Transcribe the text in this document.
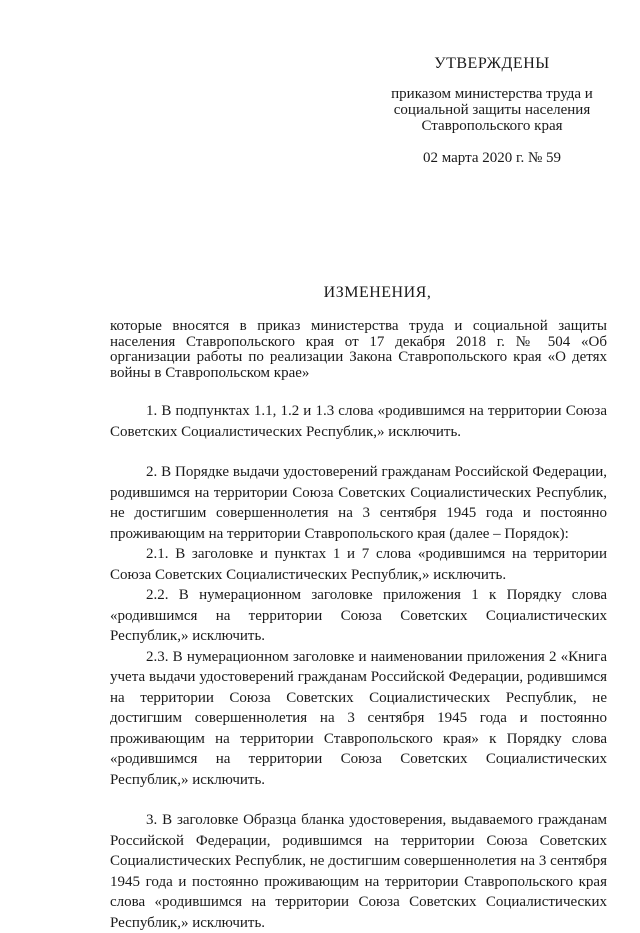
УТВЕРЖДЕНЫ
приказом министерства труда и
социальной защиты населения
Ставропольского края
02 марта 2020 г. № 59
ИЗМЕНЕНИЯ,
которые вносятся в приказ министерства труда и социальной защиты населения Ставропольского края от 17 декабря 2018 г. № 504 «Об организации работы по реализации Закона Ставропольского края «О детях войны в Ставропольском крае»

1. В подпунктах 1.1, 1.2 и 1.3 слова «родившимся на территории Союза Советских Социалистических Республик,» исключить.

2. В Порядке выдачи удостоверений гражданам Российской Федерации, родившимся на территории Союза Советских Социалистических Республик, не достигшим совершеннолетия на 3 сентября 1945 года и постоянно проживающим на территории Ставропольского края (далее – Порядок):

2.1. В заголовке и пунктах 1 и 7 слова «родившимся на территории Союза Советских Социалистических Республик,» исключить.

2.2. В нумерационном заголовке приложения 1 к Порядку слова «родившимся на территории Союза Советских Социалистических Республик,» исключить.

2.3. В нумерационном заголовке и наименовании приложения 2 «Книга учета выдачи удостоверений гражданам Российской Федерации, родившимся на территории Союза Советских Социалистических Республик, не достигшим совершеннолетия на 3 сентября 1945 года и постоянно проживающим на территории Ставропольского края» к Порядку слова «родившимся на территории Союза Советских Социалистических Республик,» исключить.

3. В заголовке Образца бланка удостоверения, выдаваемого гражданам Российской Федерации, родившимся на территории Союза Советских Социалистических Республик, не достигшим совершеннолетия на 3 сентября 1945 года и постоянно проживающим на территории Ставропольского края слова «родившимся на территории Союза Советских Социалистических Республик,» исключить.
